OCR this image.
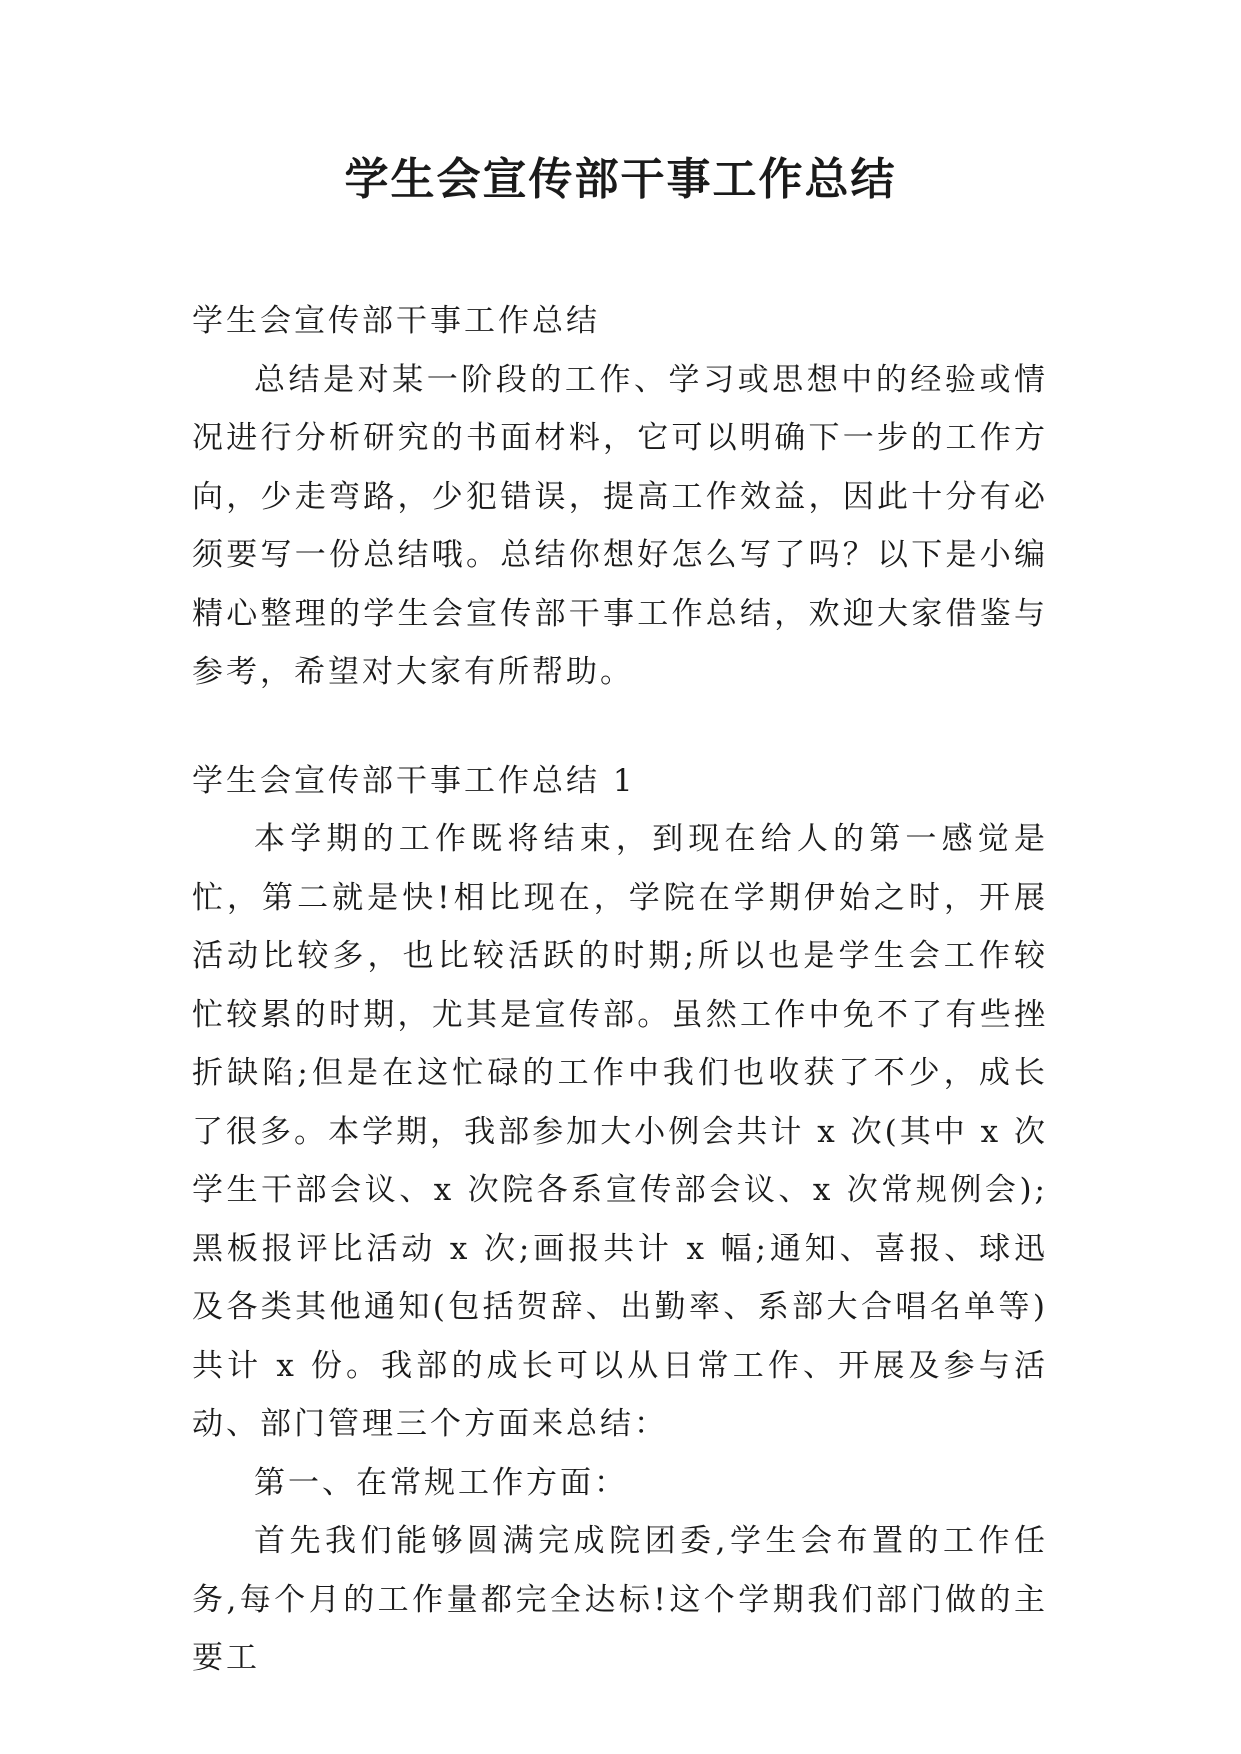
学生会宣传部干事工作总结

学生会宣传部干事工作总结

总结是对某一阶段的工作、学习或思想中的经验或情况进行分析研究的书面材料，它可以明确下一步的工作方向，少走弯路，少犯错误，提高工作效益，因此十分有必须要写一份总结哦。总结你想好怎么写了吗？以下是小编精心整理的学生会宣传部干事工作总结，欢迎大家借鉴与参考，希望对大家有所帮助。

学生会宣传部干事工作总结 1

本学期的工作既将结束，到现在给人的第一感觉是忙，第二就是快!相比现在，学院在学期伊始之时，开展活动比较多，也比较活跃的时期;所以也是学生会工作较忙较累的时期，尤其是宣传部。虽然工作中免不了有些挫折缺陷;但是在这忙碌的工作中我们也收获了不少，成长了很多。本学期，我部参加大小例会共计 x 次(其中 x 次学生干部会议、x 次院各系宣传部会议、x 次常规例会);黑板报评比活动 x 次;画报共计 x 幅;通知、喜报、球迅及各类其他通知(包括贺辞、出勤率、系部大合唱名单等)共计 x 份。我部的成长可以从日常工作、开展及参与活动、部门管理三个方面来总结：

第一、在常规工作方面：

首先我们能够圆满完成院团委,学生会布置的工作任务,每个月的工作量都完全达标!这个学期我们部门做的主要工
